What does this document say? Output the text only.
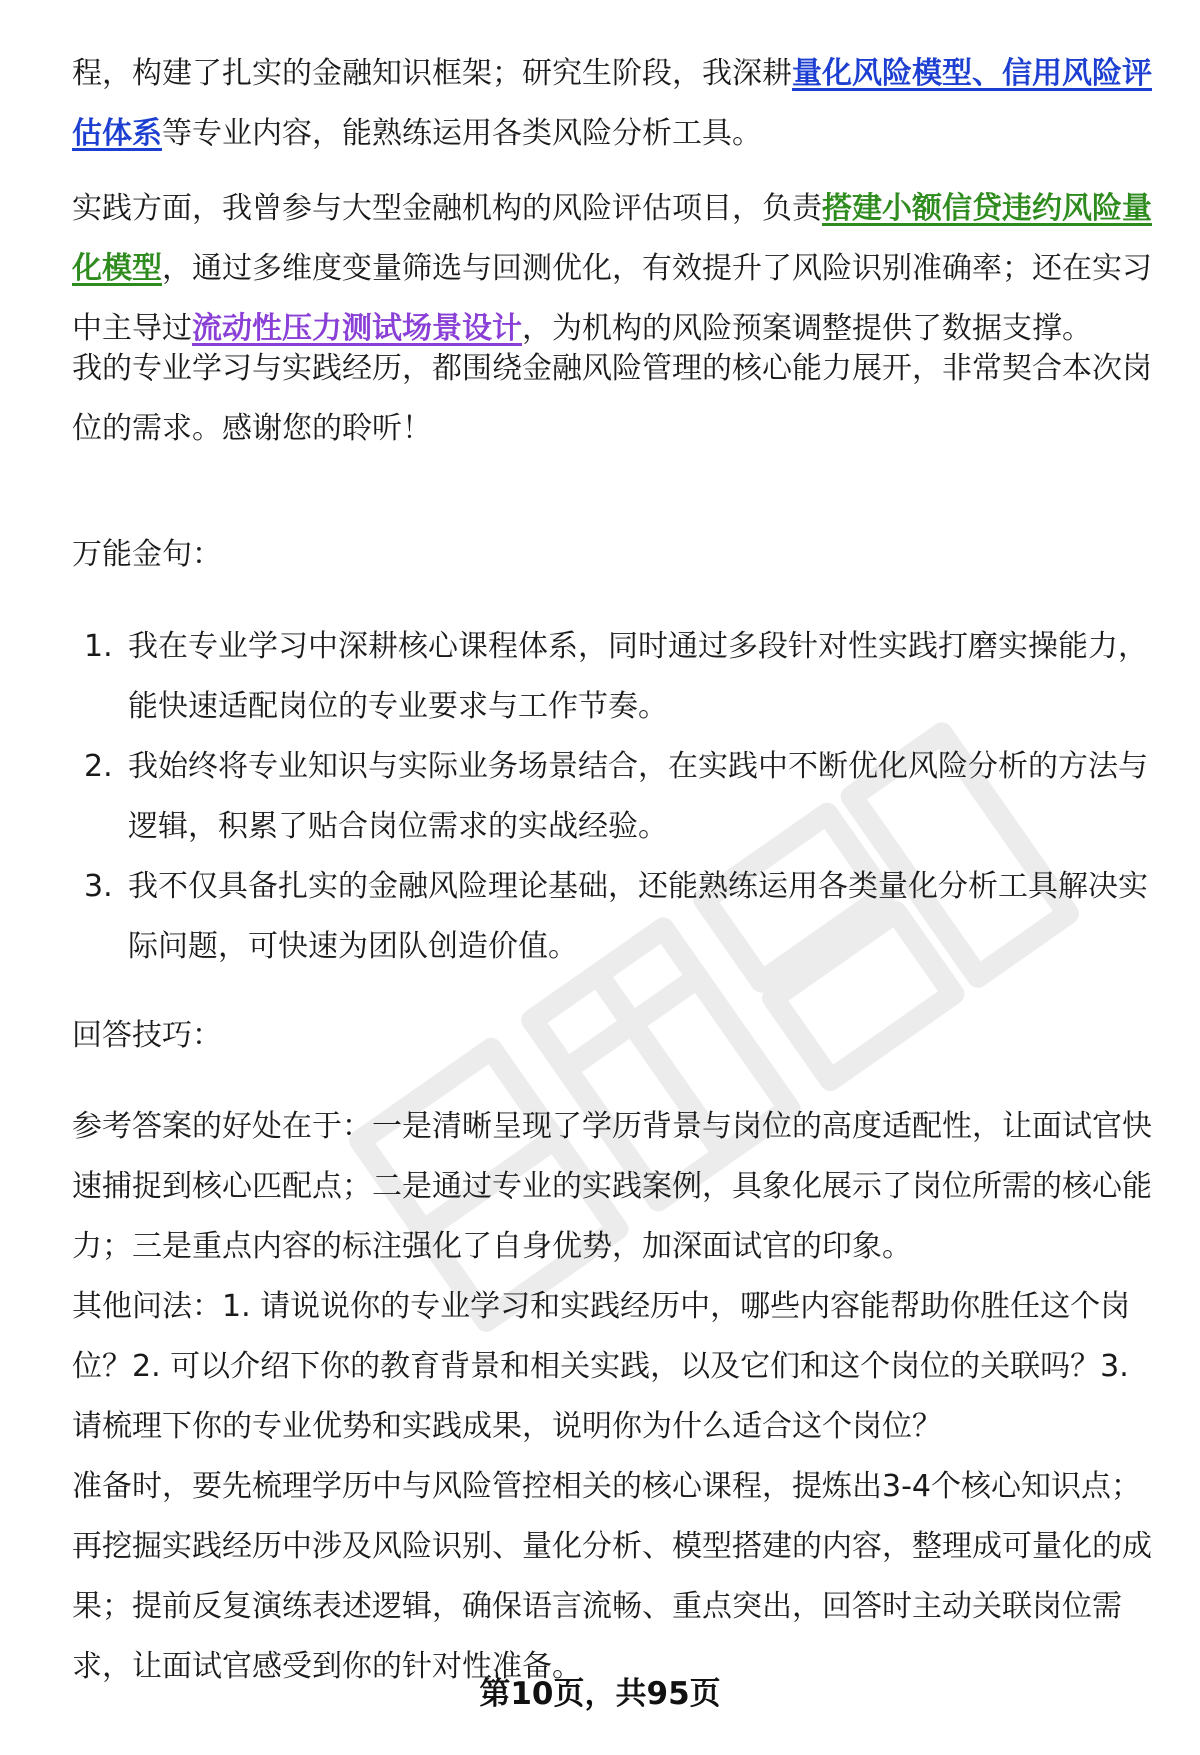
程，构建了扎实的金融知识框架；研究生阶段，我深耕量化风险模型、信用风险评估体系等专业内容，能熟练运用各类风险分析工具。

实践方面，我曾参与大型金融机构的风险评估项目，负责搭建小额信贷违约风险量化模型，通过多维度变量筛选与回测优化，有效提升了风险识别准确率；还在实习中主导过流动性压力测试场景设计，为机构的风险预案调整提供了数据支撑。

我的专业学习与实践经历，都围绕金融风险管理的核心能力展开，非常契合本次岗位的需求。感谢您的聆听！

万能金句：

1. 我在专业学习中深耕核心课程体系，同时通过多段针对性实践打磨实操能力，能快速适配岗位的专业要求与工作节奏。
2. 我始终将专业知识与实际业务场景结合，在实践中不断优化风险分析的方法与逻辑，积累了贴合岗位需求的实战经验。
3. 我不仅具备扎实的金融风险理论基础，还能熟练运用各类量化分析工具解决实际问题，可快速为团队创造价值。

回答技巧：

参考答案的好处在于：一是清晰呈现了学历背景与岗位的高度适配性，让面试官快速捕捉到核心匹配点；二是通过专业的实践案例，具象化展示了岗位所需的核心能力；三是重点内容的标注强化了自身优势，加深面试官的印象。

其他问法：1. 请说说你的专业学习和实践经历中，哪些内容能帮助你胜任这个岗位？2. 可以介绍下你的教育背景和相关实践，以及它们和这个岗位的关联吗？3. 请梳理下你的专业优势和实践成果，说明你为什么适合这个岗位？

准备时，要先梳理学历中与风险管控相关的核心课程，提炼出3-4个核心知识点；再挖掘实践经历中涉及风险识别、量化分析、模型搭建的内容，整理成可量化的成果；提前反复演练表述逻辑，确保语言流畅、重点突出，回答时主动关联岗位需求，让面试官感受到你的针对性准备。

第10页，共95页
